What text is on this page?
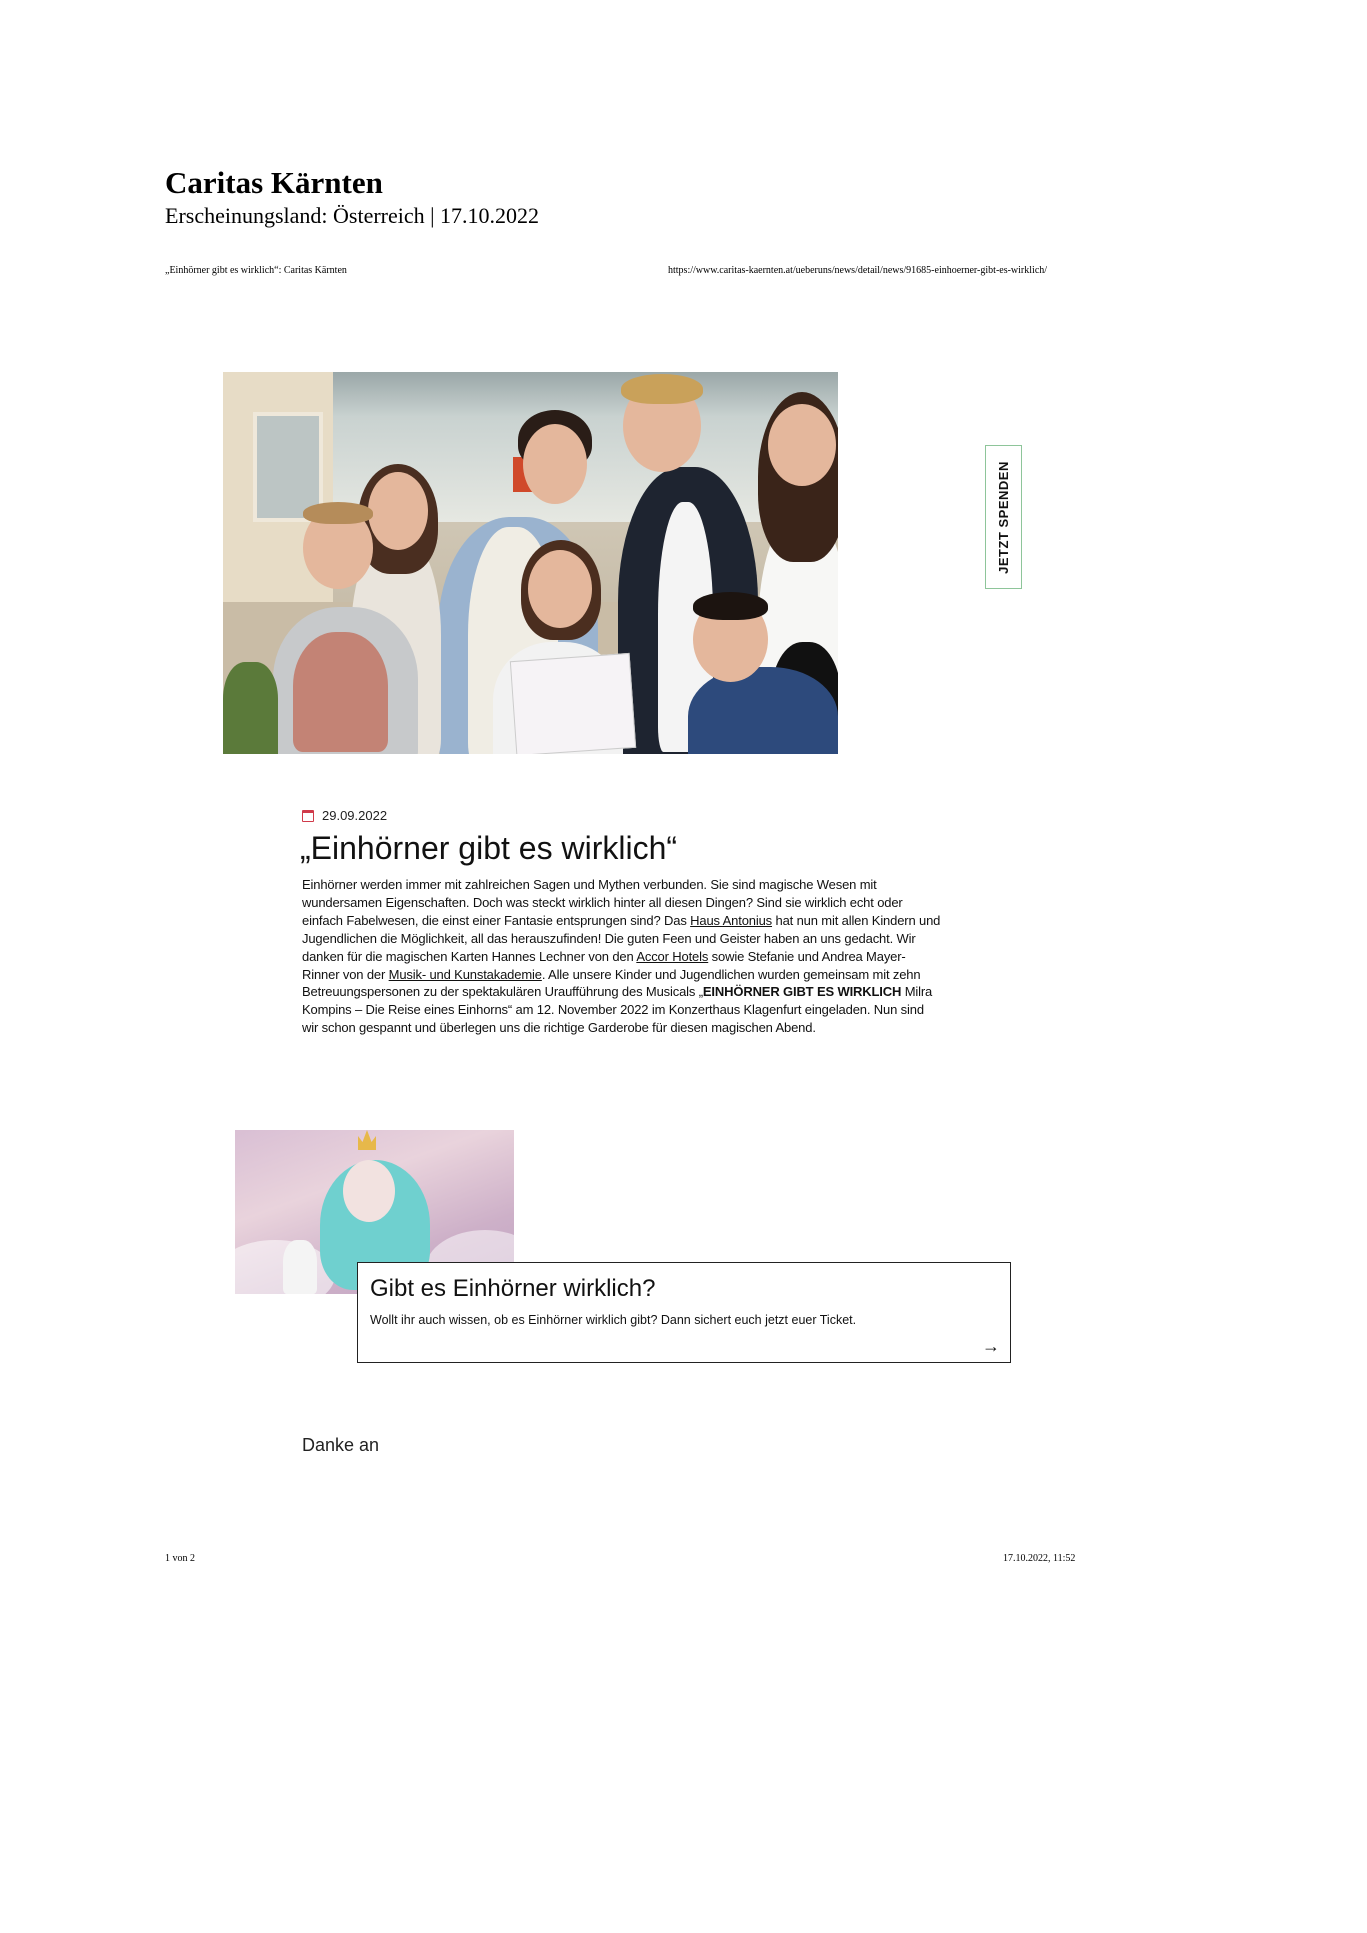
Caritas Kärnten
Erscheinungsland: Österreich | 17.10.2022
„Einhörner gibt es wirklich“: Caritas Kärnten	https://www.caritas-kaernten.at/ueberuns/news/detail/news/91685-einhoerner-gibt-es-wirklich/
JETZT SPENDEN
29.09.2022
„Einhörner gibt es wirklich“
Einhörner werden immer mit zahlreichen Sagen und Mythen verbunden. Sie sind magische Wesen mit wundersamen Eigenschaften. Doch was steckt wirklich hinter all diesen Dingen? Sind sie wirklich echt oder einfach Fabelwesen, die einst einer Fantasie entsprungen sind? Das Haus Antonius hat nun mit allen Kindern und Jugendlichen die Möglichkeit, all das herauszufinden! Die guten Feen und Geister haben an uns gedacht. Wir danken für die magischen Karten Hannes Lechner von den Accor Hotels sowie Stefanie und Andrea Mayer-Rinner von der Musik- und Kunstakademie. Alle unsere Kinder und Jugendlichen wurden gemeinsam mit zehn Betreuungspersonen zu der spektakulären Uraufführung des Musicals „EINHÖRNER GIBT ES WIRKLICH Milra Kompins – Die Reise eines Einhorns“ am 12. November 2022 im Konzerthaus Klagenfurt eingeladen. Nun sind wir schon gespannt und überlegen uns die richtige Garderobe für diesen magischen Abend.
Gibt es Einhörner wirklich?
Wollt ihr auch wissen, ob es Einhörner wirklich gibt? Dann sichert euch jetzt euer Ticket.
→
Danke an
1 von 2	17.10.2022, 11:52
